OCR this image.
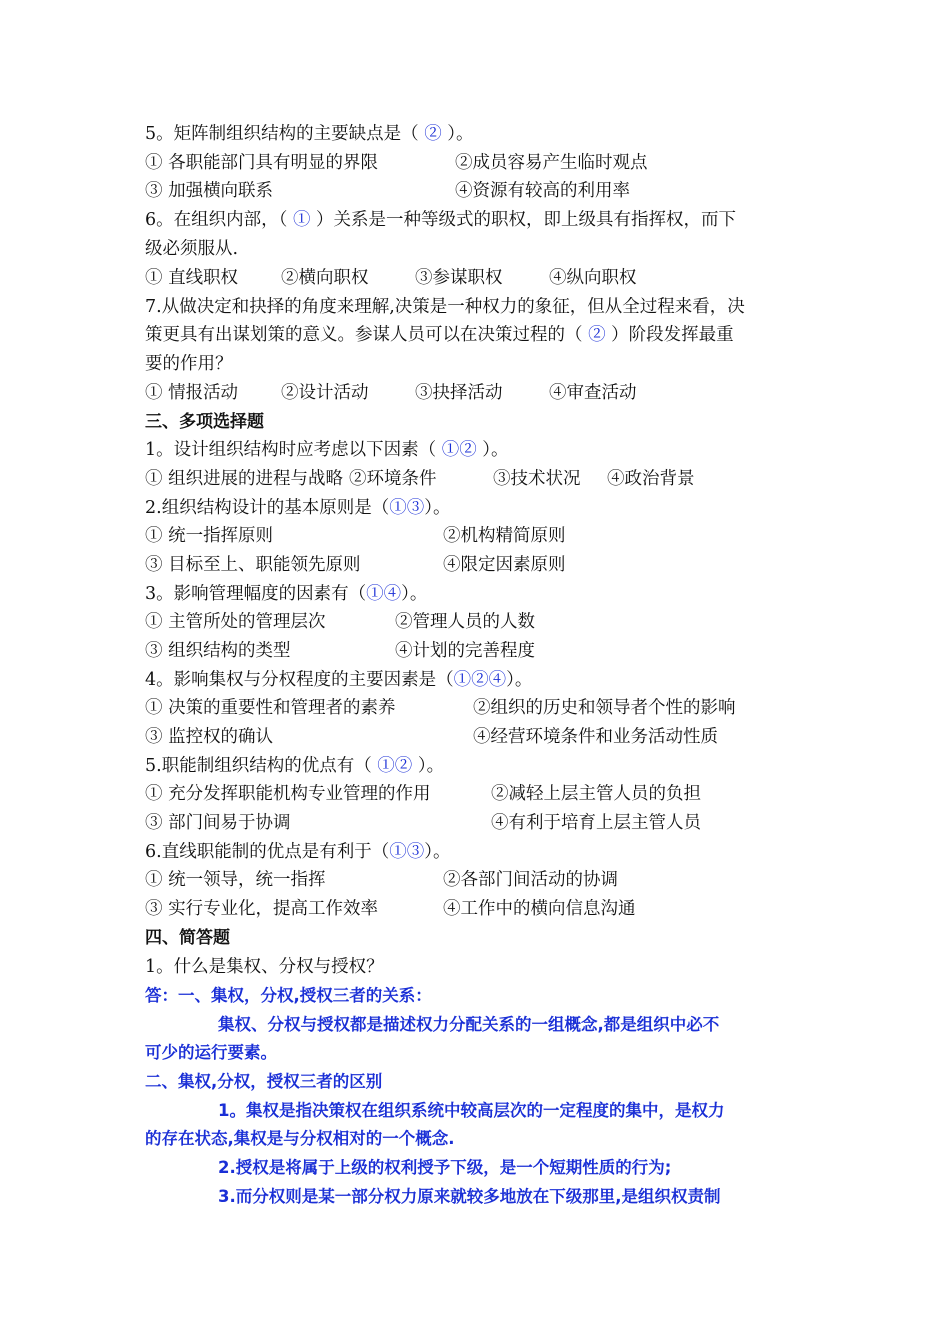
5。矩阵制组织结构的主要缺点是（ ② ）。
① 各职能部门具有明显的界限	②成员容易产生临时观点
③ 加强横向联系	④资源有较高的利用率
6。在组织内部，（ ① ）关系是一种等级式的职权，即上级具有指挥权，而下
级必须服从.
① 直线职权 ②横向职权	③参谋职权	④纵向职权
7.从做决定和抉择的角度来理解,决策是一种权力的象征，但从全过程来看，决
策更具有出谋划策的意义。参谋人员可以在决策过程的（ ② ）阶段发挥最重
要的作用？
① 情报活动 ②设计活动	③抉择活动	④审查活动
三、多项选择题
1。设计组织结构时应考虑以下因素（ ①② ）。
① 组织进展的进程与战略 ②环境条件	③技术状况 ④政治背景
2.组织结构设计的基本原则是（①③）。
① 统一指挥原则	②机构精简原则
③ 目标至上、职能领先原则	④限定因素原则
3。影响管理幅度的因素有（①④）。
① 主管所处的管理层次	②管理人员的人数
③ 组织结构的类型	④计划的完善程度
4。影响集权与分权程度的主要因素是（①②④）。
① 决策的重要性和管理者的素养	②组织的历史和领导者个性的影响
③ 监控权的确认	④经营环境条件和业务活动性质
5.职能制组织结构的优点有（ ①② ）。
① 充分发挥职能机构专业管理的作用	②减轻上层主管人员的负担
③ 部门间易于协调	④有利于培育上层主管人员
6.直线职能制的优点是有利于（①③）。
① 统一领导，统一指挥	②各部门间活动的协调
③ 实行专业化，提高工作效率	④工作中的横向信息沟通
四、简答题
1。什么是集权、分权与授权？
答：一、集权，分权,授权三者的关系：
集权、分权与授权都是描述权力分配关系的一组概念,都是组织中必不
可少的运行要素。
二、集权,分权，授权三者的区别
1。集权是指决策权在组织系统中较高层次的一定程度的集中，是权力
的存在状态,集权是与分权相对的一个概念.
2.授权是将属于上级的权利授予下级，是一个短期性质的行为;
3.而分权则是某一部分权力原来就较多地放在下级那里,是组织权责制
